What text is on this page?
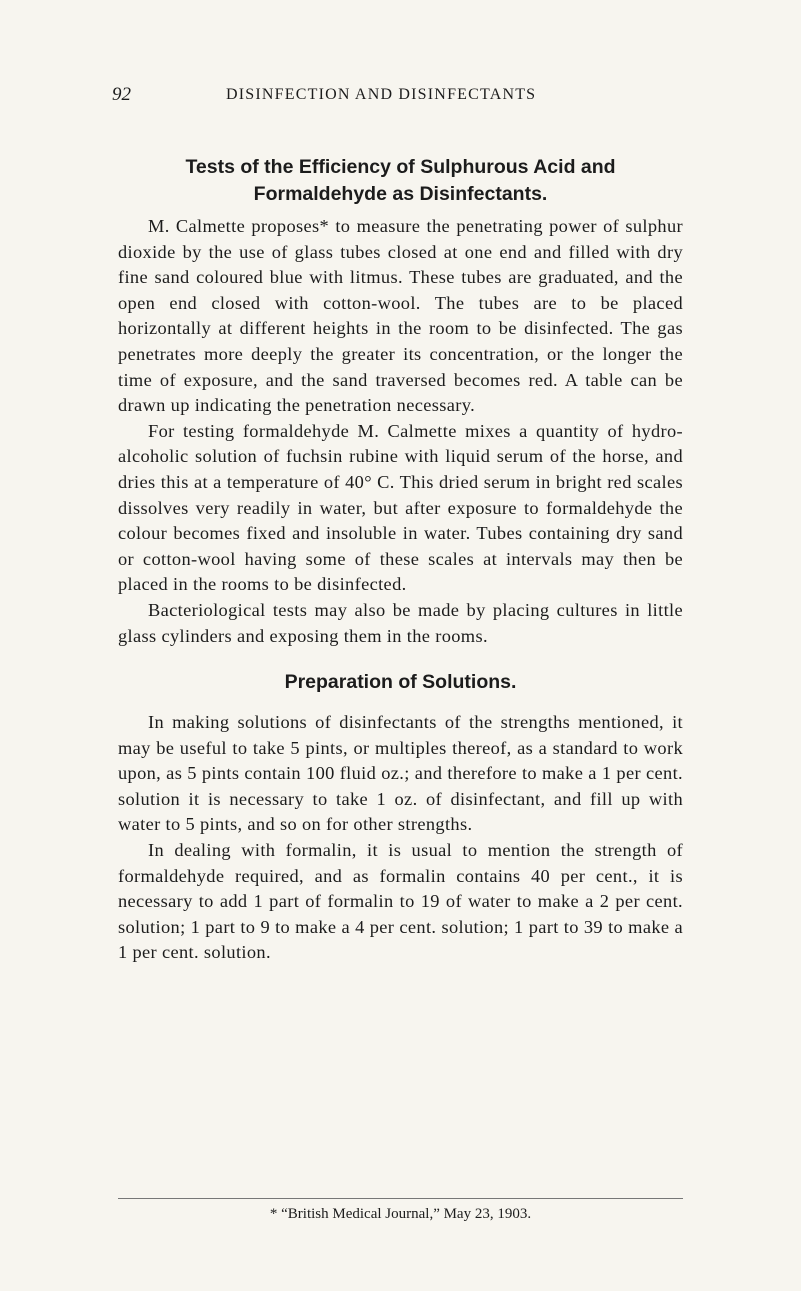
92	DISINFECTION AND DISINFECTANTS
Tests of the Efficiency of Sulphurous Acid and Formaldehyde as Disinfectants.

M. Calmette proposes* to measure the penetrating power of sulphur dioxide by the use of glass tubes closed at one end and filled with dry fine sand coloured blue with litmus. These tubes are graduated, and the open end closed with cotton-wool. The tubes are to be placed horizontally at different heights in the room to be disinfected. The gas penetrates more deeply the greater its concentration, or the longer the time of exposure, and the sand traversed becomes red. A table can be drawn up indicating the penetration necessary.

For testing formaldehyde M. Calmette mixes a quantity of hydro-alcoholic solution of fuchsin rubine with liquid serum of the horse, and dries this at a temperature of 40° C. This dried serum in bright red scales dissolves very readily in water, but after exposure to formaldehyde the colour becomes fixed and insoluble in water. Tubes containing dry sand or cotton-wool having some of these scales at intervals may then be placed in the rooms to be disinfected.

Bacteriological tests may also be made by placing cultures in little glass cylinders and exposing them in the rooms.

Preparation of Solutions.

In making solutions of disinfectants of the strengths mentioned, it may be useful to take 5 pints, or multiples thereof, as a standard to work upon, as 5 pints contain 100 fluid oz.; and therefore to make a 1 per cent. solution it is necessary to take 1 oz. of disinfectant, and fill up with water to 5 pints, and so on for other strengths.

In dealing with formalin, it is usual to mention the strength of formaldehyde required, and as formalin contains 40 per cent., it is necessary to add 1 part of formalin to 19 of water to make a 2 per cent. solution; 1 part to 9 to make a 4 per cent. solution; 1 part to 39 to make a 1 per cent. solution.

* “British Medical Journal,” May 23, 1903.
